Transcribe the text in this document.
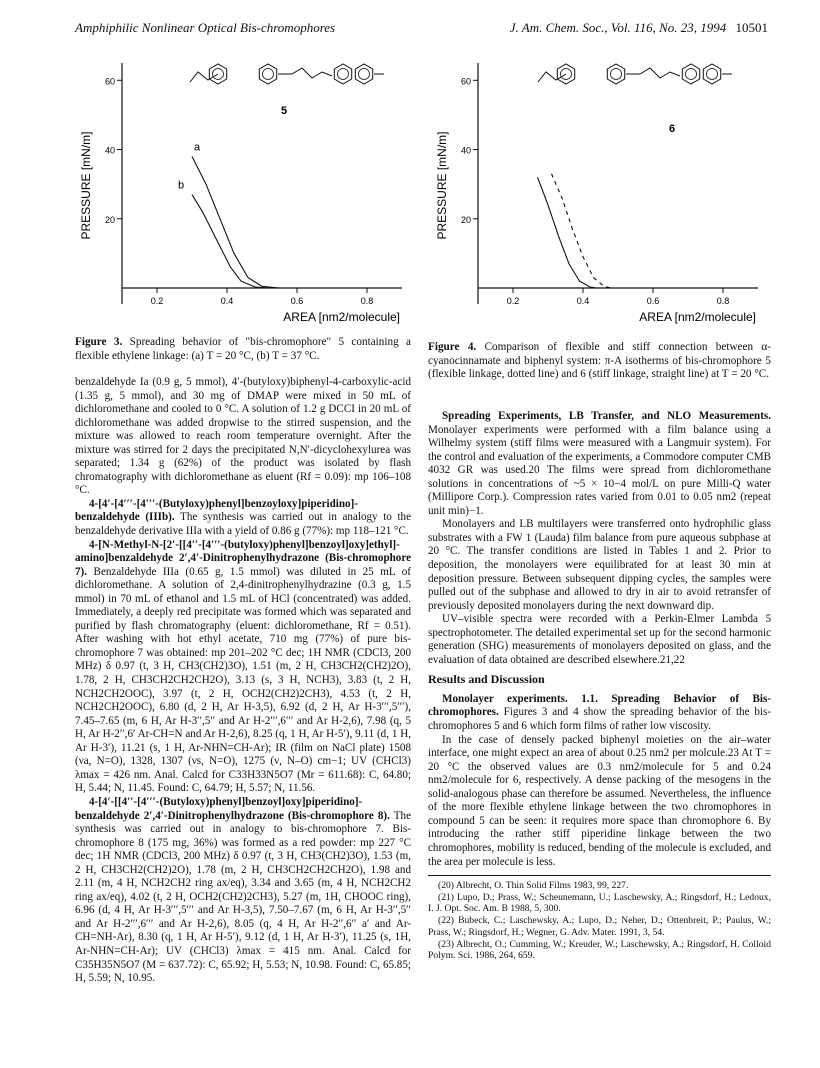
Amphiphilic Nonlinear Optical Bis-chromophores	J. Am. Chem. Soc., Vol. 116, No. 23, 1994 10501
20
40
60
0.2	0.4	0.6	0.8
PRESSURE [mN/m]
AREA [nm2/molecule]
a
b
5
Figure 3. Spreading behavior of "bis-chromophore" 5 containing a flexible ethylene linkage: (a) T = 20 °C, (b) T = 37 °C.
20
40
60
0.2	0.4	0.6	0.8
PRESSURE [mN/m]
AREA [nm2/molecule]
6
Figure 4. Comparison of flexible and stiff connection between α-cyanocinnamate and biphenyl system: π-A isotherms of bis-chromophore 5 (flexible linkage, dotted line) and 6 (stiff linkage, straight line) at T = 20 °C.

benzaldehyde Ia (0.9 g, 5 mmol), 4′-(butyloxy)biphenyl-4-carboxylic-acid (1.35 g, 5 mmol), and 30 mg of DMAP were mixed in 50 mL of dichloromethane and cooled to 0 °C. A solution of 1.2 g DCCI in 20 mL of dichloromethane was added dropwise to the stirred suspension, and the mixture was allowed to reach room temperature overnight. After the mixture was stirred for 2 days the precipitated N,N′-dicyclohexylurea was separated; 1.34 g (62%) of the product was isolated by flash chromatography with dichloromethane as eluent (Rf = 0.09): mp 106–108 °C.

4-[4′-[4′′′-[4′′′-(Butyloxy)phenyl]benzoyloxy]piperidino]-benzaldehyde (IIIb). The synthesis was carried out in analogy to the benzaldehyde derivative IIIa with a yield of 0.86 g (77%): mp 118–121 °C.

4-[N-Methyl-N-[2′-[[4′′-[4′′′-(butyloxy)phenyl]benzoyl]oxy]ethyl]-amino]benzaldehyde 2′,4′-Dinitrophenylhydrazone (Bis-chromophore 7). Benzaldehyde IIIa (0.65 g, 1.5 mmol) was diluted in 25 mL of dichloromethane. A solution of 2,4-dinitrophenylhydrazine (0.3 g, 1.5 mmol) in 70 mL of ethanol and 1.5 mL of HCl (concentrated) was added. Immediately, a deeply red precipitate was formed which was separated and purified by flash chromatography (eluent: dichloromethane, Rf = 0.51). After washing with hot ethyl acetate, 710 mg (77%) of pure bis-chromophore 7 was obtained: mp 201–202 °C dec; 1H NMR (CDCl3, 200 MHz) δ 0.97 (t, 3 H, CH3(CH2)3O), 1.51 (m, 2 H, CH3CH2(CH2)2O), 1.78, 2 H, CH3CH2CH2CH2O), 3.13 (s, 3 H, NCH3), 3.83 (t, 2 H, NCH2CH2OOC), 3.97 (t, 2 H, OCH2(CH2)2CH3), 4.53 (t, 2 H, NCH2CH2OOC), 6.80 (d, 2 H, Ar H-3,5), 6.92 (d, 2 H, Ar H-3′′′,5′′′), 7.45–7.65 (m, 6 H, Ar H-3′′,5′′ and Ar H-2′′′,6′′′ and Ar H-2,6), 7.98 (q, 5 H, Ar H-2′′,6′ Ar-CH=N and Ar H-2,6), 8.25 (q, 1 H, Ar H-5′), 9.11 (d, 1 H, Ar H-3′), 11.21 (s, 1 H, Ar-NHN=CH-Ar); IR (film on NaCl plate) 1508 (νa, N=O), 1328, 1307 (νs, N=O), 1275 (ν, N–O) cm−1; UV (CHCl3) λmax = 426 nm. Anal. Calcd for C33H33N5O7 (Mr = 611.68): C, 64.80; H, 5.44; N, 11.45. Found: C, 64.79; H, 5.57; N, 11.56.

4-[4′-[[4′′-[4′′′-(Butyloxy)phenyl]benzoyl]oxy]piperidino]-benzaldehyde 2′,4′-Dinitrophenylhydrazone (Bis-chromophore 8). The synthesis was carried out in analogy to bis-chromophore 7. Bis-chromophore 8 (175 mg, 36%) was formed as a red powder: mp 227 °C dec; 1H NMR (CDCl3, 200 MHz) δ 0.97 (t, 3 H, CH3(CH2)3O), 1.53 (m, 2 H, CH3CH2(CH2)2O), 1.78 (m, 2 H, CH3CH2CH2CH2O), 1.98 and 2.11 (m, 4 H, NCH2CH2 ring ax/eq), 3.34 and 3.65 (m, 4 H, NCH2CH2 ring ax/eq), 4.02 (t, 2 H, OCH2(CH2)2CH3), 5.27 (m, 1H, CHOOC ring), 6.96 (d, 4 H, Ar H-3′′′,5′′′ and Ar H-3,5), 7.50–7.67 (m, 6 H, Ar H-3′′,5′′ and Ar H-2′′′,6′′′ and Ar H-2,6), 8.05 (q, 4 H, Ar H-2′′,6′′ a′ and Ar-CH=NH-Ar), 8.30 (q, 1 H, Ar H-5′), 9.12 (d, 1 H, Ar H-3′), 11.25 (s, 1H, Ar-NHN=CH-Ar); UV (CHCl3) λmax = 415 nm. Anal. Calcd for C35H35N5O7 (M = 637.72): C, 65.92; H, 5.53; N, 10.98. Found: C, 65.85; H, 5.59; N, 10.95.

Spreading Experiments, LB Transfer, and NLO Measurements. Monolayer experiments were performed with a film balance using a Wilhelmy system (stiff films were measured with a Langmuir system). For the control and evaluation of the experiments, a Commodore computer CMB 4032 GR was used.20 The films were spread from dichloromethane solutions in concentrations of ~5 × 10−4 mol/L on pure Milli-Q water (Millipore Corp.). Compression rates varied from 0.01 to 0.05 nm2 (repeat unit min)−1.

Monolayers and LB multilayers were transferred onto hydrophilic glass substrates with a FW 1 (Lauda) film balance from pure aqueous subphase at 20 °C. The transfer conditions are listed in Tables 1 and 2. Prior to deposition, the monolayers were equilibrated for at least 30 min at deposition pressure. Between subsequent dipping cycles, the samples were pulled out of the subphase and allowed to dry in air to avoid retransfer of previously deposited monolayers during the next downward dip.

UV–visible spectra were recorded with a Perkin-Elmer Lambda 5 spectrophotometer. The detailed experimental set up for the second harmonic generation (SHG) measurements of monolayers deposited on glass, and the evaluation of data obtained are described elsewhere.21,22

Results and Discussion

Monolayer experiments. 1.1. Spreading Behavior of Bis-chromophores. Figures 3 and 4 show the spreading behavior of the bis-chromophores 5 and 6 which form films of rather low viscosity.

In the case of densely packed biphenyl moieties on the air–water interface, one might expect an area of about 0.25 nm2 per molcule.23 At T = 20 °C the observed values are 0.3 nm2/molecule for 5 and 0.24 nm2/molecule for 6, respectively. A dense packing of the mesogens in the solid-analogous phase can therefore be assumed. Nevertheless, the influence of the more flexible ethylene linkage between the two chromophores in compound 5 can be seen: it requires more space than chromophore 6. By introducing the rather stiff piperidine linkage between the two chromophores, mobility is reduced, bending of the molecule is excluded, and the area per molecule is less.

(20) Albrecht, O. Thin Solid Films 1983, 99, 227.
(21) Lupo, D.; Prass, W.; Scheunemann, U.; Laschewsky, A.; Ringsdorf, H.; Ledoux, I. J. Opt. Soc. Am. B 1988, 5, 300.
(22) Bubeck, C.; Laschewsky, A.; Lupo, D.; Neher, D.; Ottenbreit, P.; Paulus, W.; Prass, W.; Ringsdorf, H.; Wegner, G. Adv. Mater. 1991, 3, 54.
(23) Albrecht, O.; Cumming, W.; Kreuder, W.; Laschewsky, A.; Ringsdorf, H. Colloid Polym. Sci. 1986, 264, 659.
